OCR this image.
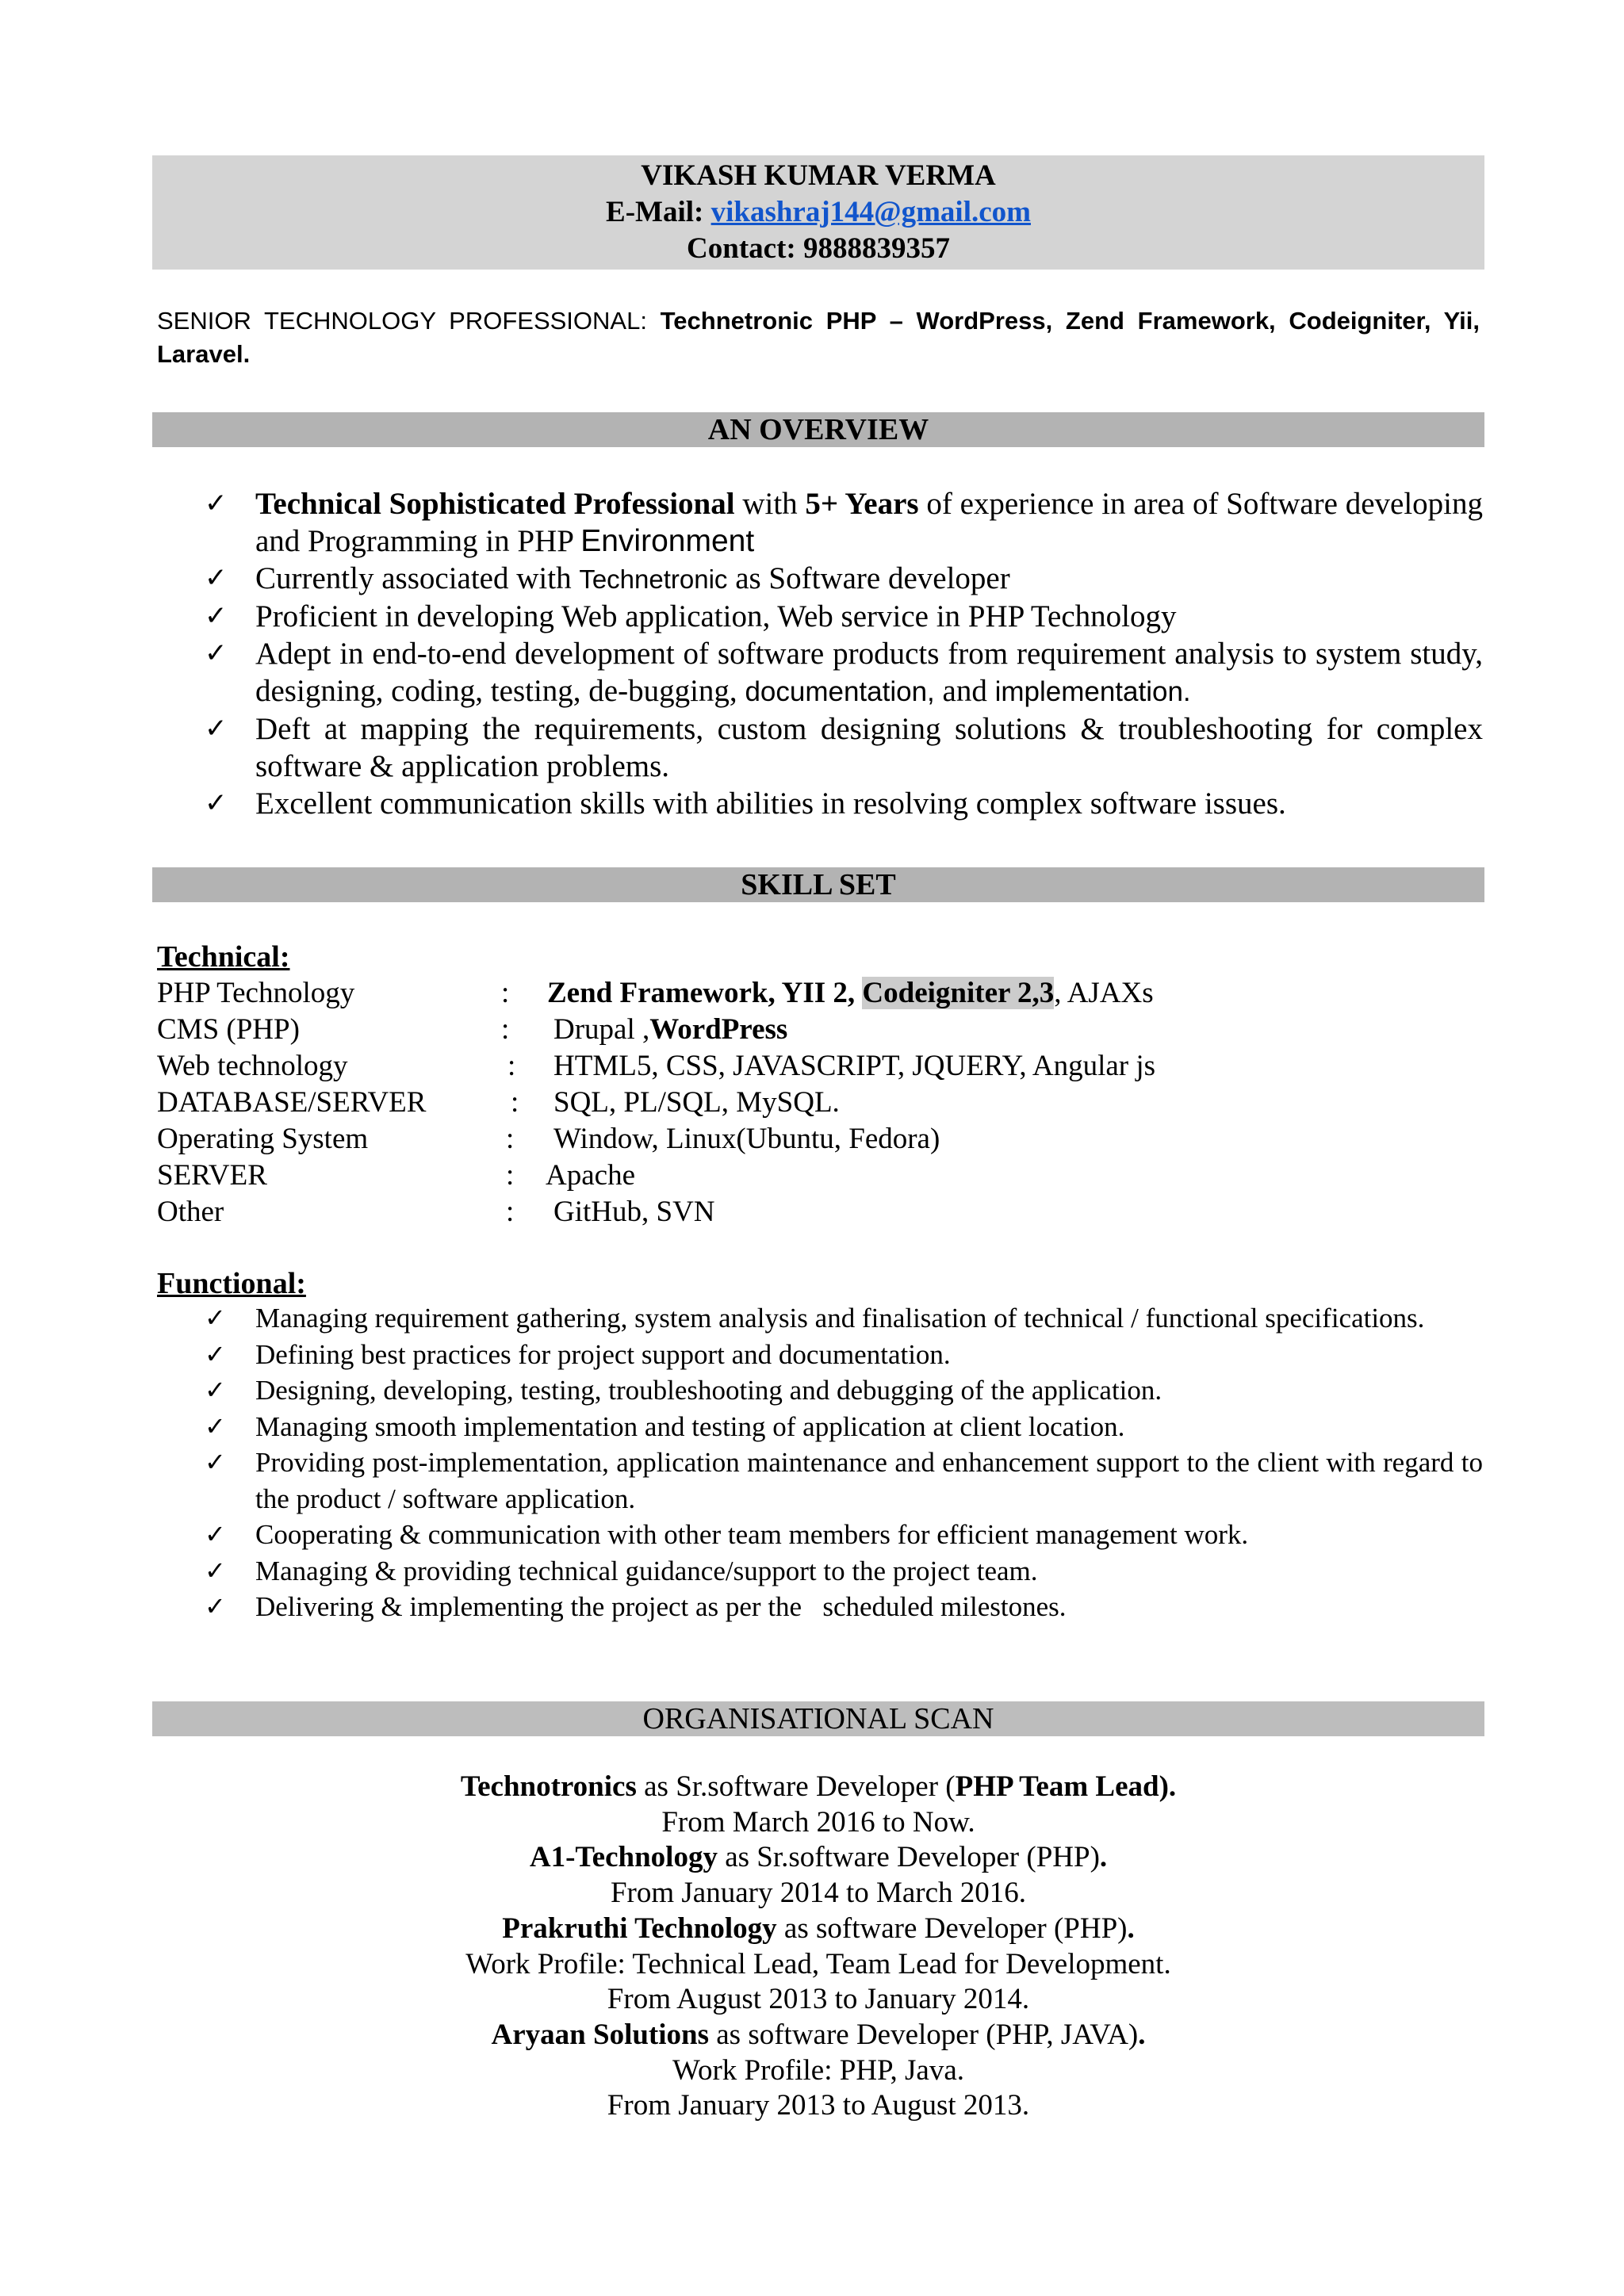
VIKASH KUMAR VERMA
E-Mail: vikashraj144@gmail.com
Contact: 9888839357
SENIOR TECHNOLOGY PROFESSIONAL: Technetronic PHP – WordPress, Zend Framework, Codeigniter, Yii, Laravel.
AN OVERVIEW
✓ Technical Sophisticated Professional with 5+ Years of experience in area of Software developing and Programming in PHP Environment
✓ Currently associated with Technetronic as Software developer
✓ Proficient in developing Web application, Web service in PHP Technology
✓ Adept in end-to-end development of software products from requirement analysis to system study, designing, coding, testing, de-bugging, documentation, and implementation.
✓ Deft at mapping the requirements, custom designing solutions & troubleshooting for complex software & application problems.
✓ Excellent communication skills with abilities in resolving complex software issues.
SKILL SET
Technical:
PHP Technology	: Zend Framework, YII 2, Codeigniter 2,3, AJAXs
CMS (PHP)	: Drupal ,WordPress
Web technology	: HTML5, CSS, JAVASCRIPT, JQUERY, Angular js
DATABASE/SERVER	: SQL, PL/SQL, MySQL.
Operating System	: Window, Linux(Ubuntu, Fedora)
SERVER	: Apache
Other	: GitHub, SVN
Functional:
✓ Managing requirement gathering, system analysis and finalisation of technical / functional specifications.
✓ Defining best practices for project support and documentation.
✓ Designing, developing, testing, troubleshooting and debugging of the application.
✓ Managing smooth implementation and testing of application at client location.
✓ Providing post-implementation, application maintenance and enhancement support to the client with regard to the product / software application.
✓ Cooperating & communication with other team members for efficient management work.
✓ Managing & providing technical guidance/support to the project team.
✓ Delivering & implementing the project as per the   scheduled milestones.
ORGANISATIONAL SCAN
Technotronics as Sr.software Developer (PHP Team Lead).
From March 2016 to Now.
A1-Technology as Sr.software Developer (PHP).
From January 2014 to March 2016.
Prakruthi Technology as software Developer (PHP).
Work Profile: Technical Lead, Team Lead for Development.
From August 2013 to January 2014.
Aryaan Solutions as software Developer (PHP, JAVA).
Work Profile: PHP, Java.
From January 2013 to August 2013.
